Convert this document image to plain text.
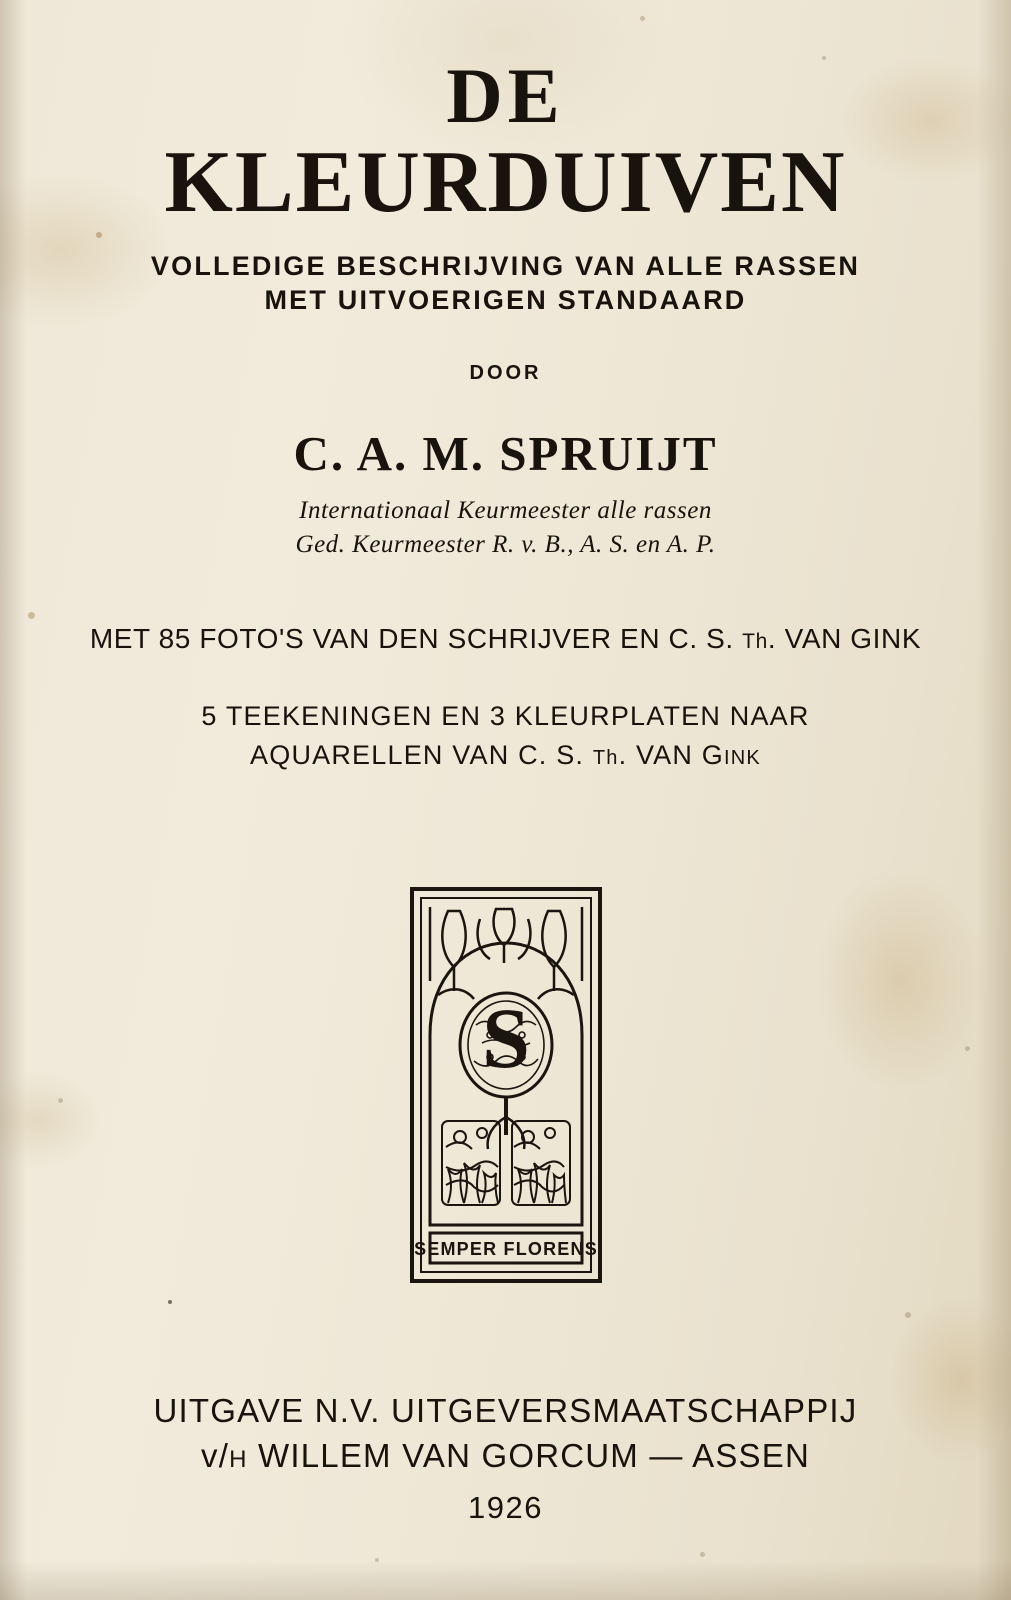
DE
KLEURDUIVEN
VOLLEDIGE BESCHRIJVING VAN ALLE RASSEN
MET UITVOERIGEN STANDAARD
DOOR
C. A. M. SPRUIJT
Internationaal Keurmeester alle rassen
Ged. Keurmeester R. v. B., A. S. en A. P.
MET 85 FOTO'S VAN DEN SCHRIJVER EN C. S. Th. VAN GINK
5 TEEKENINGEN EN 3 KLEURPLATEN NAAR
AQUARELLEN VAN C. S. Th. VAN GINK
S
SEMPER FLORENS
UITGAVE N.V. UITGEVERSMAATSCHAPPIJ
v/H WILLEM VAN GORCUM — ASSEN
1926
